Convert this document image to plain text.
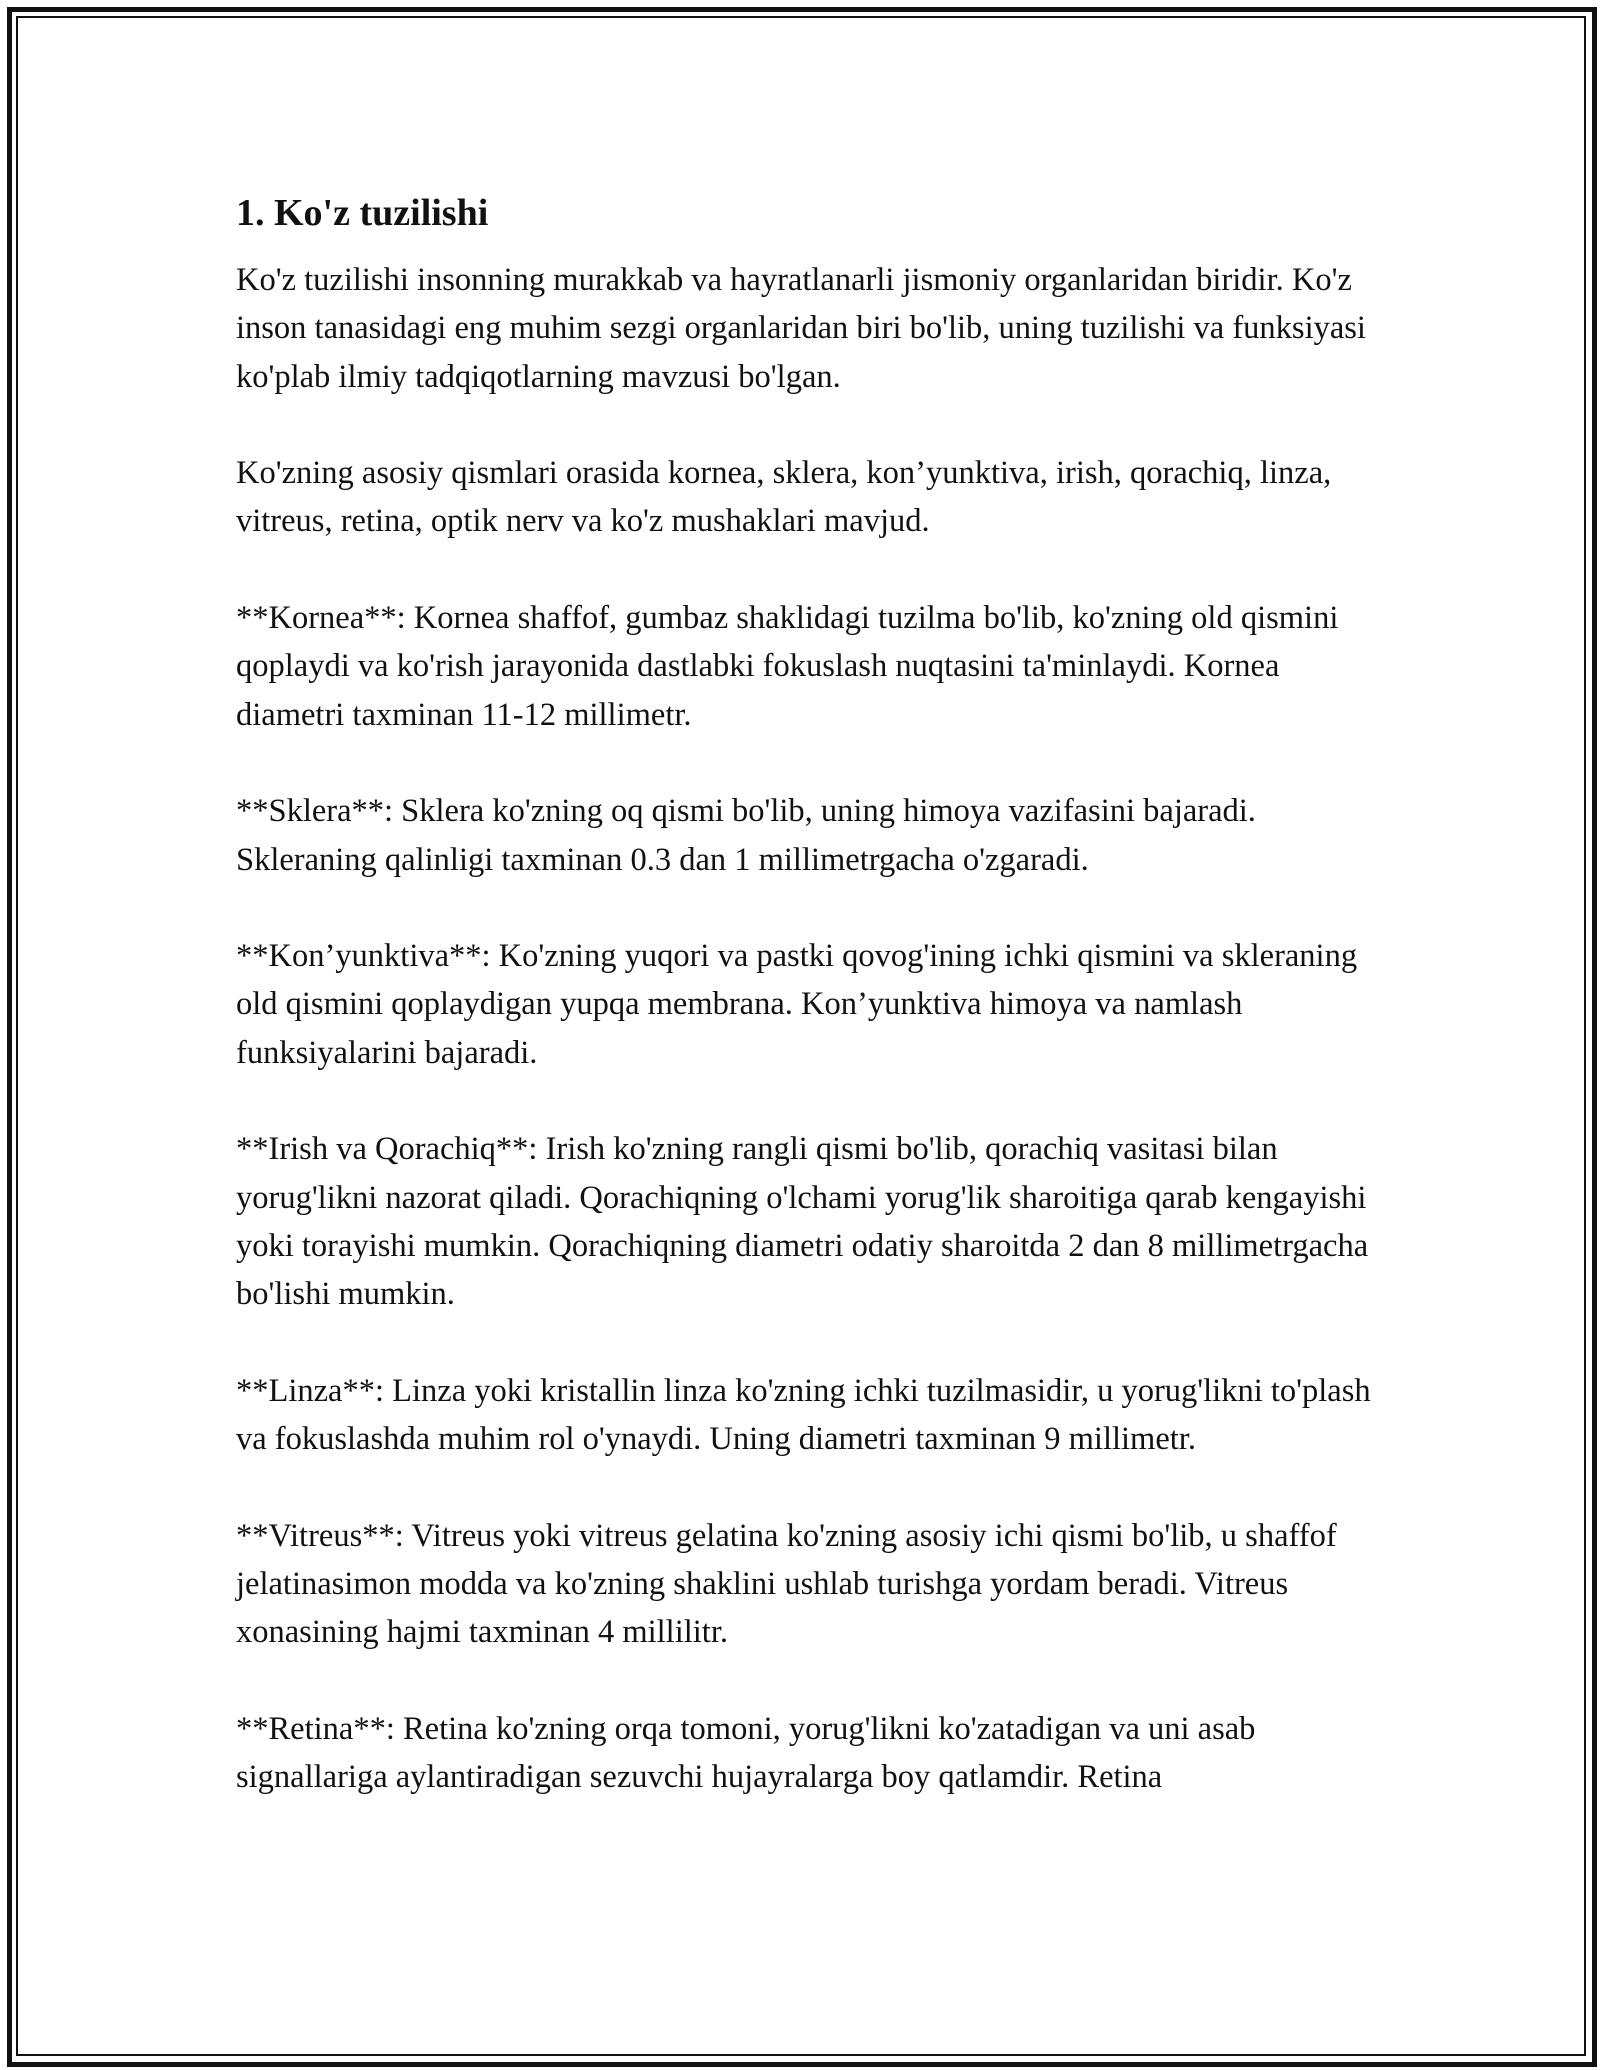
1. Ko'z tuzilishi

Ko'z tuzilishi insonning murakkab va hayratlanarli jismoniy organlaridan biridir. Ko'z inson tanasidagi eng muhim sezgi organlaridan biri bo'lib, uning tuzilishi va funksiyasi ko'plab ilmiy tadqiqotlarning mavzusi bo'lgan.

Ko'zning asosiy qismlari orasida kornea, sklera, kon’yunktiva, irish, qorachiq, linza, vitreus, retina, optik nerv va ko'z mushaklari mavjud.

**Kornea**: Kornea shaffof, gumbaz shaklidagi tuzilma bo'lib, ko'zning old qismini qoplaydi va ko'rish jarayonida dastlabki fokuslash nuqtasini ta'minlaydi. Kornea diametri taxminan 11-12 millimetr.

**Sklera**: Sklera ko'zning oq qismi bo'lib, uning himoya vazifasini bajaradi. Skleraning qalinligi taxminan 0.3 dan 1 millimetrgacha o'zgaradi.

**Kon’yunktiva**: Ko'zning yuqori va pastki qovog'ining ichki qismini va skleraning old qismini qoplaydigan yupqa membrana. Kon’yunktiva himoya va namlash funksiyalarini bajaradi.

**Irish va Qorachiq**: Irish ko'zning rangli qismi bo'lib, qorachiq vasitasi bilan yorug'likni nazorat qiladi. Qorachiqning o'lchami yorug'lik sharoitiga qarab kengayishi yoki torayishi mumkin. Qorachiqning diametri odatiy sharoitda 2 dan 8 millimetrgacha bo'lishi mumkin.

**Linza**: Linza yoki kristallin linza ko'zning ichki tuzilmasidir, u yorug'likni to'plash va fokuslashda muhim rol o'ynaydi. Uning diametri taxminan 9 millimetr.

**Vitreus**: Vitreus yoki vitreus gelatina ko'zning asosiy ichi qismi bo'lib, u shaffof jelatinasimon modda va ko'zning shaklini ushlab turishga yordam beradi. Vitreus xonasining hajmi taxminan 4 millilitr.

**Retina**: Retina ko'zning orqa tomoni, yorug'likni ko'zatadigan va uni asab signallariga aylantiradigan sezuvchi hujayralarga boy qatlamdir. Retina
